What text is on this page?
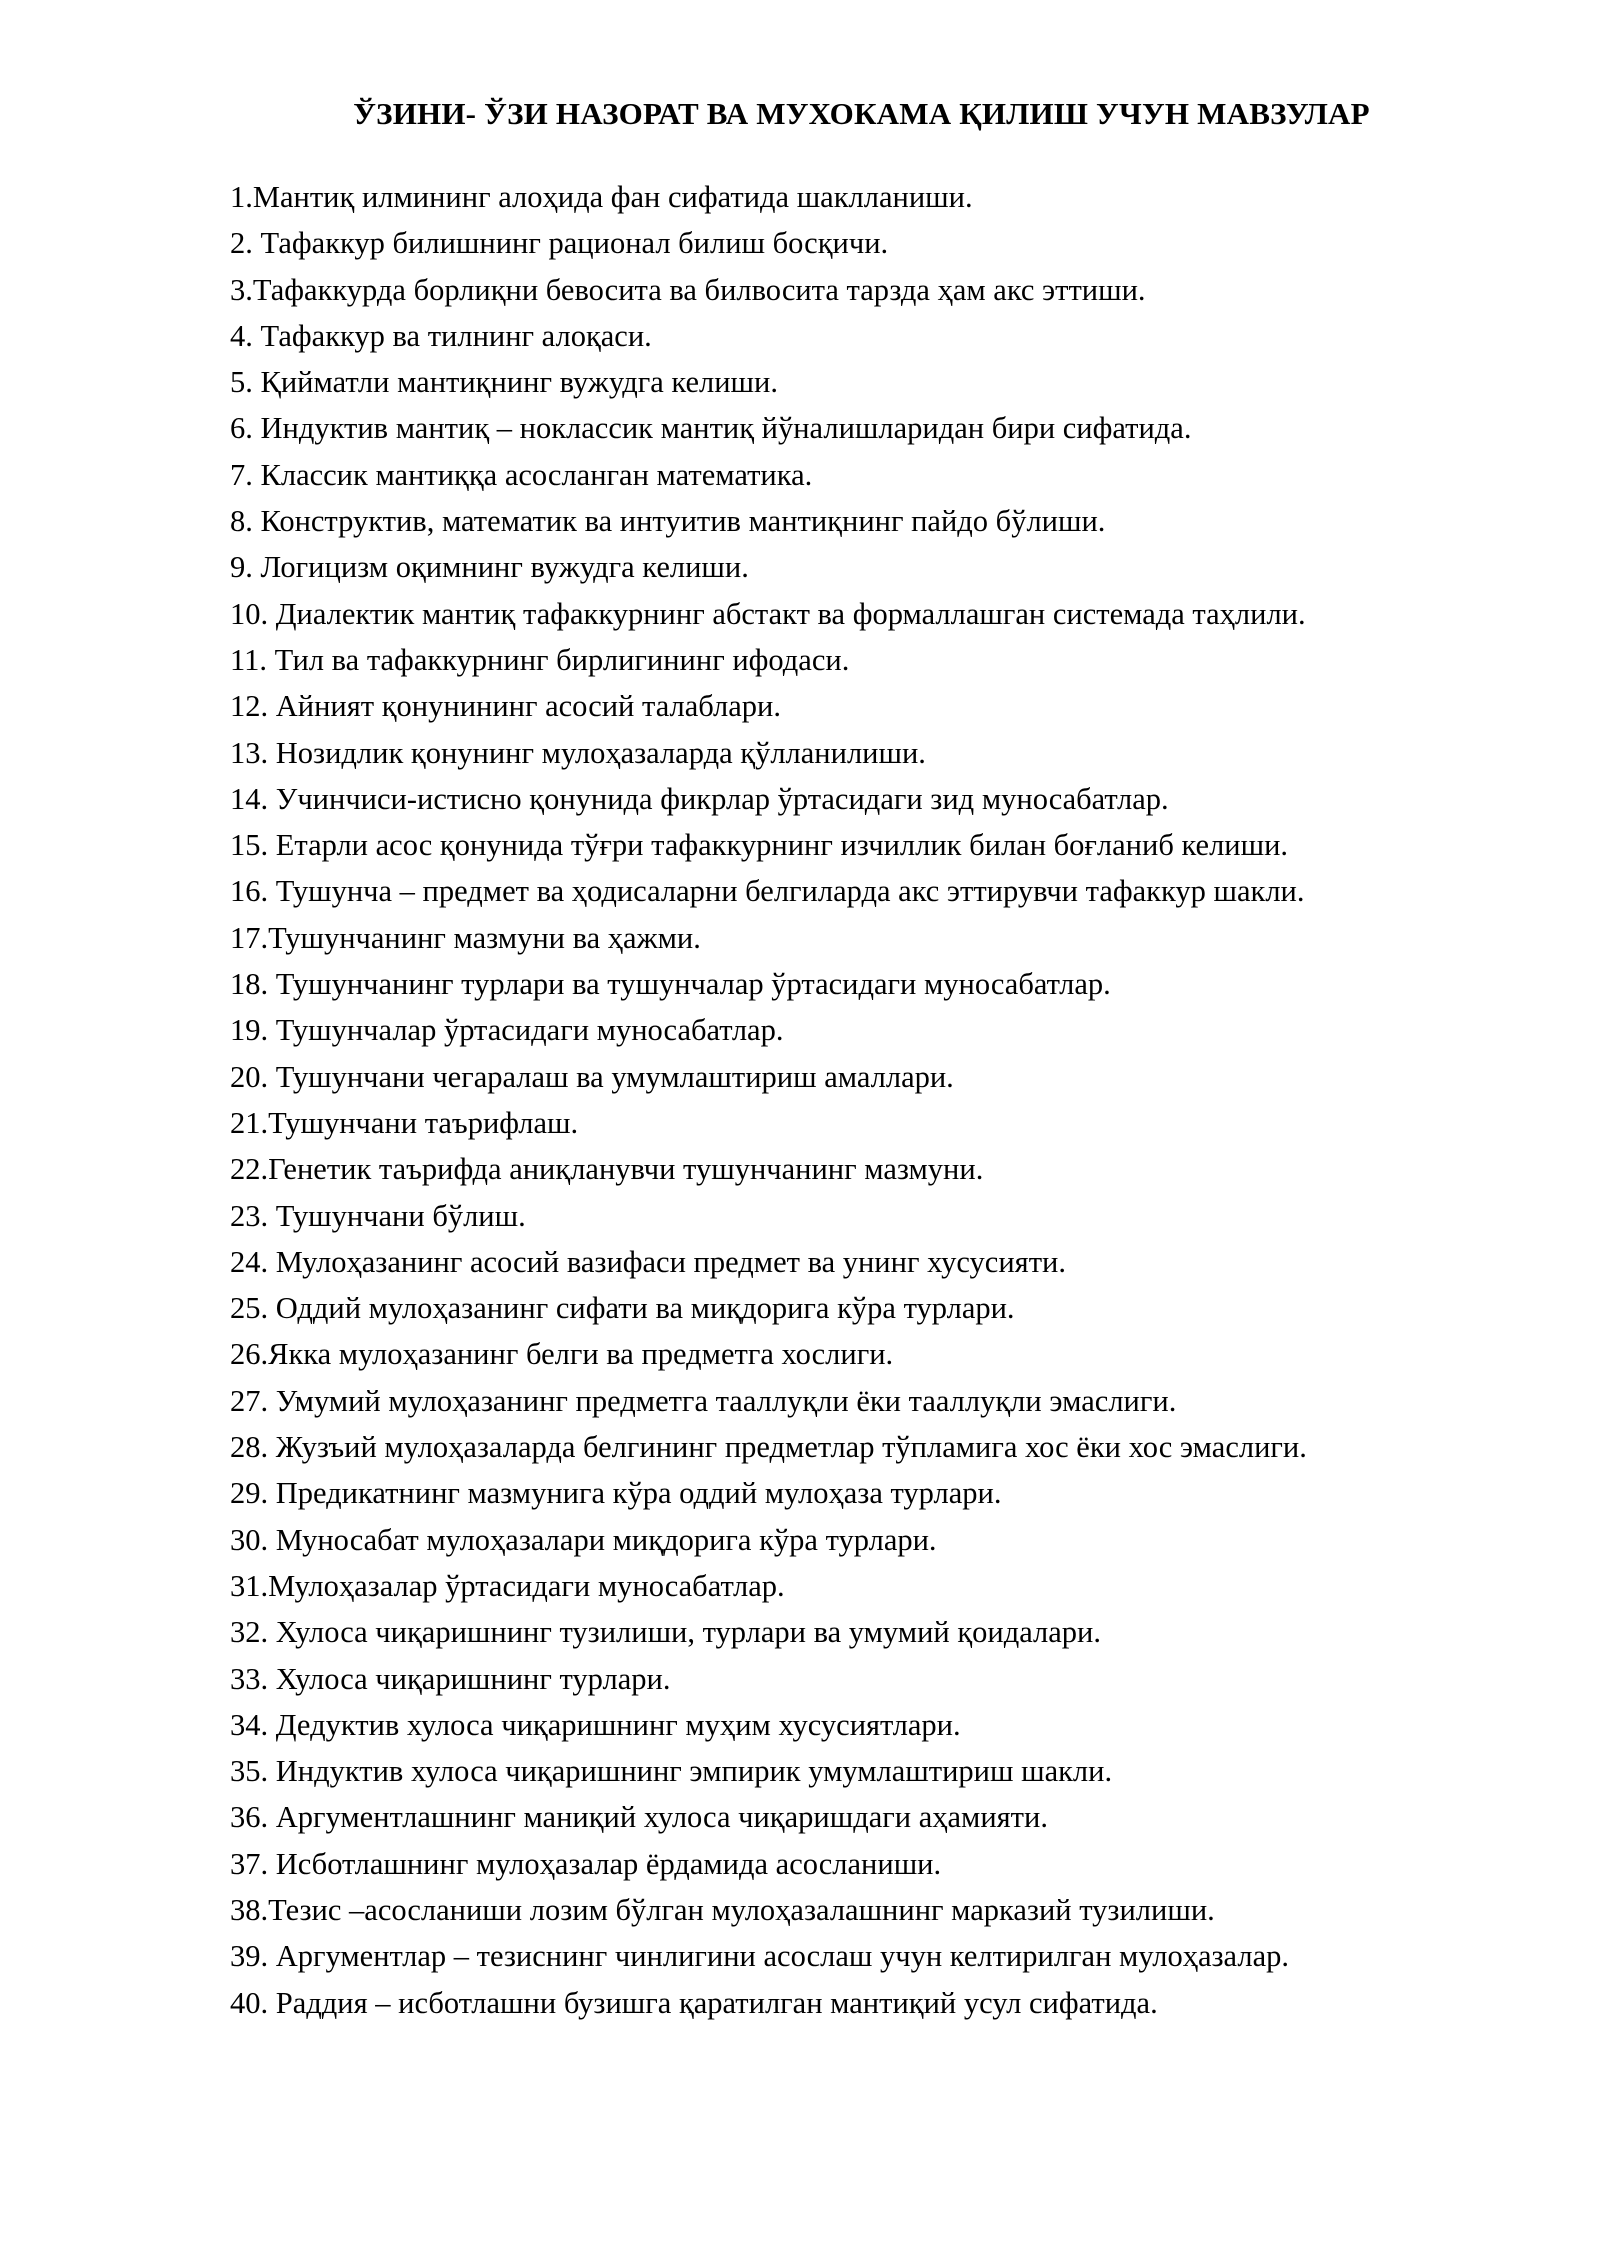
ЎЗИНИ- ЎЗИ НАЗОРАТ ВА МУХОКАМА ҚИЛИШ УЧУН МАВЗУЛАР
1.Мантиқ илмининг алоҳида фан сифатида шаклланиши.
2. Тафаккур билишнинг рационал билиш босқичи.
3.Тафаккурда борлиқни бевосита ва билвосита тарзда ҳам акс эттиши.
4. Тафаккур ва тилнинг алоқаси.
5. Қийматли мантиқнинг вужудга келиши.
6. Индуктив мантиқ – ноклассик мантиқ йўналишларидан бири сифатида.
7. Классик мантиққа асосланган математика.
8. Конструктив, математик ва интуитив мантиқнинг пайдо бўлиши.
9. Логицизм оқимнинг вужудга келиши.
10. Диалектик мантиқ тафаккурнинг абстакт ва формаллашган системада таҳлили.
11. Тил ва тафаккурнинг бирлигининг ифодаси.
12. Айният қонунининг асосий талаблари.
13. Нозидлик қонунинг мулоҳазаларда қўлланилиши.
14. Учинчиси-истисно қонунида фикрлар ўртасидаги зид муносабатлар.
15. Етарли асос қонунида тўғри тафаккурнинг изчиллик билан боғланиб келиши.
16. Тушунча – предмет ва ҳодисаларни белгиларда акс эттирувчи тафаккур шакли.
17.Тушунчанинг мазмуни ва ҳажми.
18. Тушунчанинг турлари ва тушунчалар ўртасидаги муносабатлар.
19. Тушунчалар ўртасидаги муносабатлар.
20. Тушунчани чегаралаш ва умумлаштириш амаллари.
21.Тушунчани таърифлаш.
22.Генетик таърифда аниқланувчи тушунчанинг мазмуни.
23. Тушунчани бўлиш.
24. Мулоҳазанинг асосий вазифаси предмет ва унинг хусусияти.
25. Оддий мулоҳазанинг сифати ва миқдорига кўра турлари.
26.Якка мулоҳазанинг белги ва предметга хослиги.
27. Умумий мулоҳазанинг предметга тааллуқли ёки тааллуқли эмаслиги.
28. Жузъий мулоҳазаларда белгининг предметлар тўпламига хос ёки хос эмаслиги.
29. Предикатнинг мазмунига кўра оддий мулоҳаза турлари.
30. Муносабат мулоҳазалари миқдорига кўра турлари.
31.Мулоҳазалар ўртасидаги муносабатлар.
32. Хулоса чиқаришнинг тузилиши, турлари ва умумий қоидалари.
33. Хулоса чиқаришнинг турлари.
34. Дедуктив хулоса чиқаришнинг муҳим хусусиятлари.
35. Индуктив хулоса чиқаришнинг эмпирик умумлаштириш шакли.
36. Аргументлашнинг маниқий хулоса чиқаришдаги аҳамияти.
37. Исботлашнинг мулоҳазалар ёрдамида асосланиши.
38.Тезис –асосланиши лозим бўлган мулоҳазалашнинг марказий тузилиши.
39. Аргументлар – тезиснинг чинлигини асослаш учун келтирилган мулоҳазалар.
40. Раддия – исботлашни бузишга қаратилган мантиқий усул сифатида.
